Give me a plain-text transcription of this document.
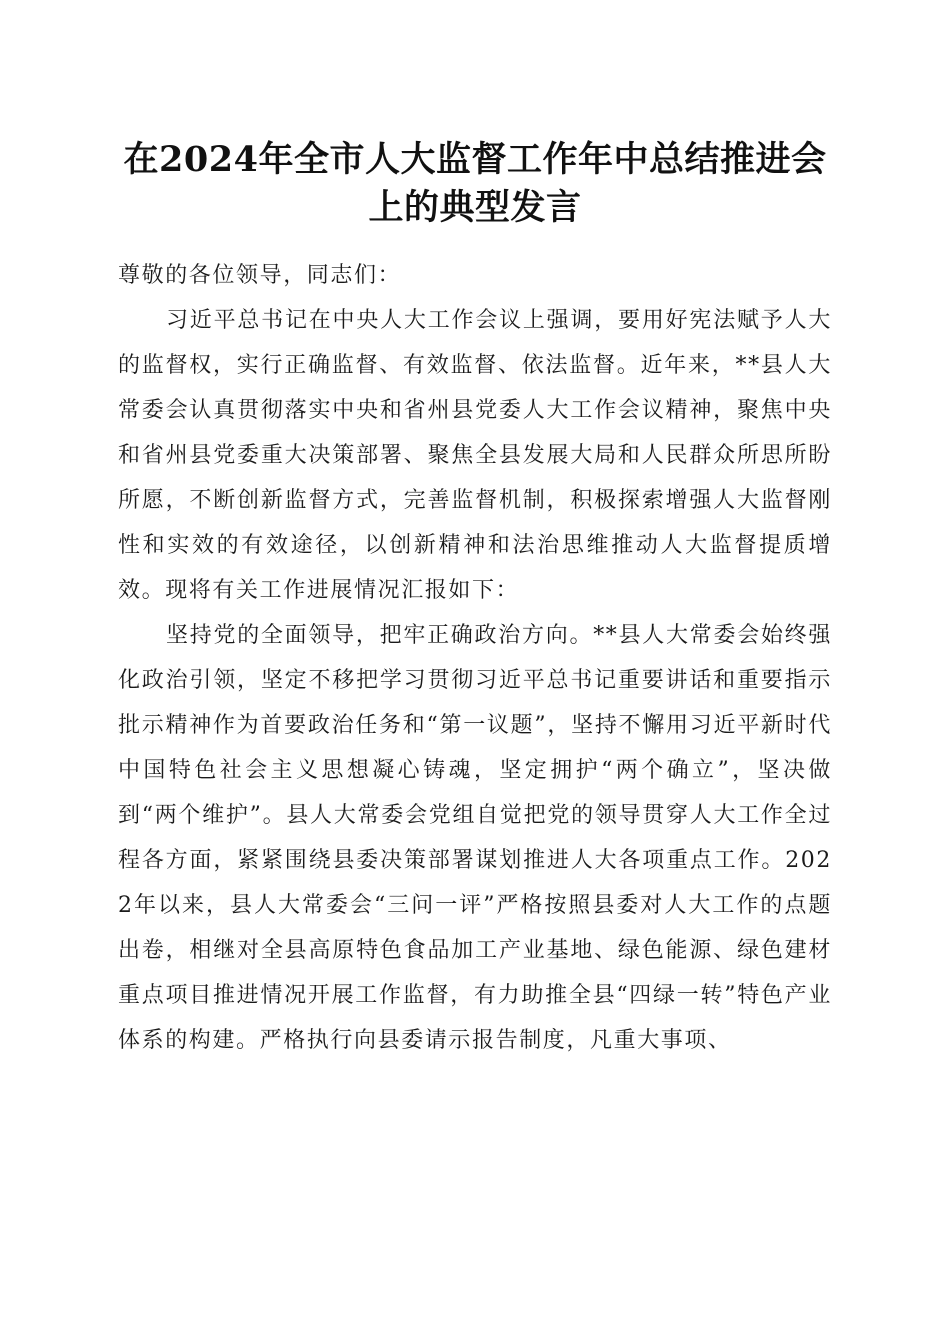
在2024年全市人大监督工作年中总结推进会
上的典型发言

尊敬的各位领导，同志们：

习近平总书记在中央人大工作会议上强调，要用好宪法赋予人大的监督权，实行正确监督、有效监督、依法监督。近年来，**县人大常委会认真贯彻落实中央和省州县党委人大工作会议精神，聚焦中央和省州县党委重大决策部署、聚焦全县发展大局和人民群众所思所盼所愿，不断创新监督方式，完善监督机制，积极探索增强人大监督刚性和实效的有效途径，以创新精神和法治思维推动人大监督提质增效。现将有关工作进展情况汇报如下：

坚持党的全面领导，把牢正确政治方向。**县人大常委会始终强化政治引领，坚定不移把学习贯彻习近平总书记重要讲话和重要指示批示精神作为首要政治任务和“第一议题”，坚持不懈用习近平新时代中国特色社会主义思想凝心铸魂，坚定拥护“两个确立”，坚决做到“两个维护”。县人大常委会党组自觉把党的领导贯穿人大工作全过程各方面，紧紧围绕县委决策部署谋划推进人大各项重点工作。2022年以来，县人大常委会“三问一评”严格按照县委对人大工作的点题出卷，相继对全县高原特色食品加工产业基地、绿色能源、绿色建材重点项目推进情况开展工作监督，有力助推全县“四绿一转”特色产业体系的构建。严格执行向县委请示报告制度，凡重大事项、
